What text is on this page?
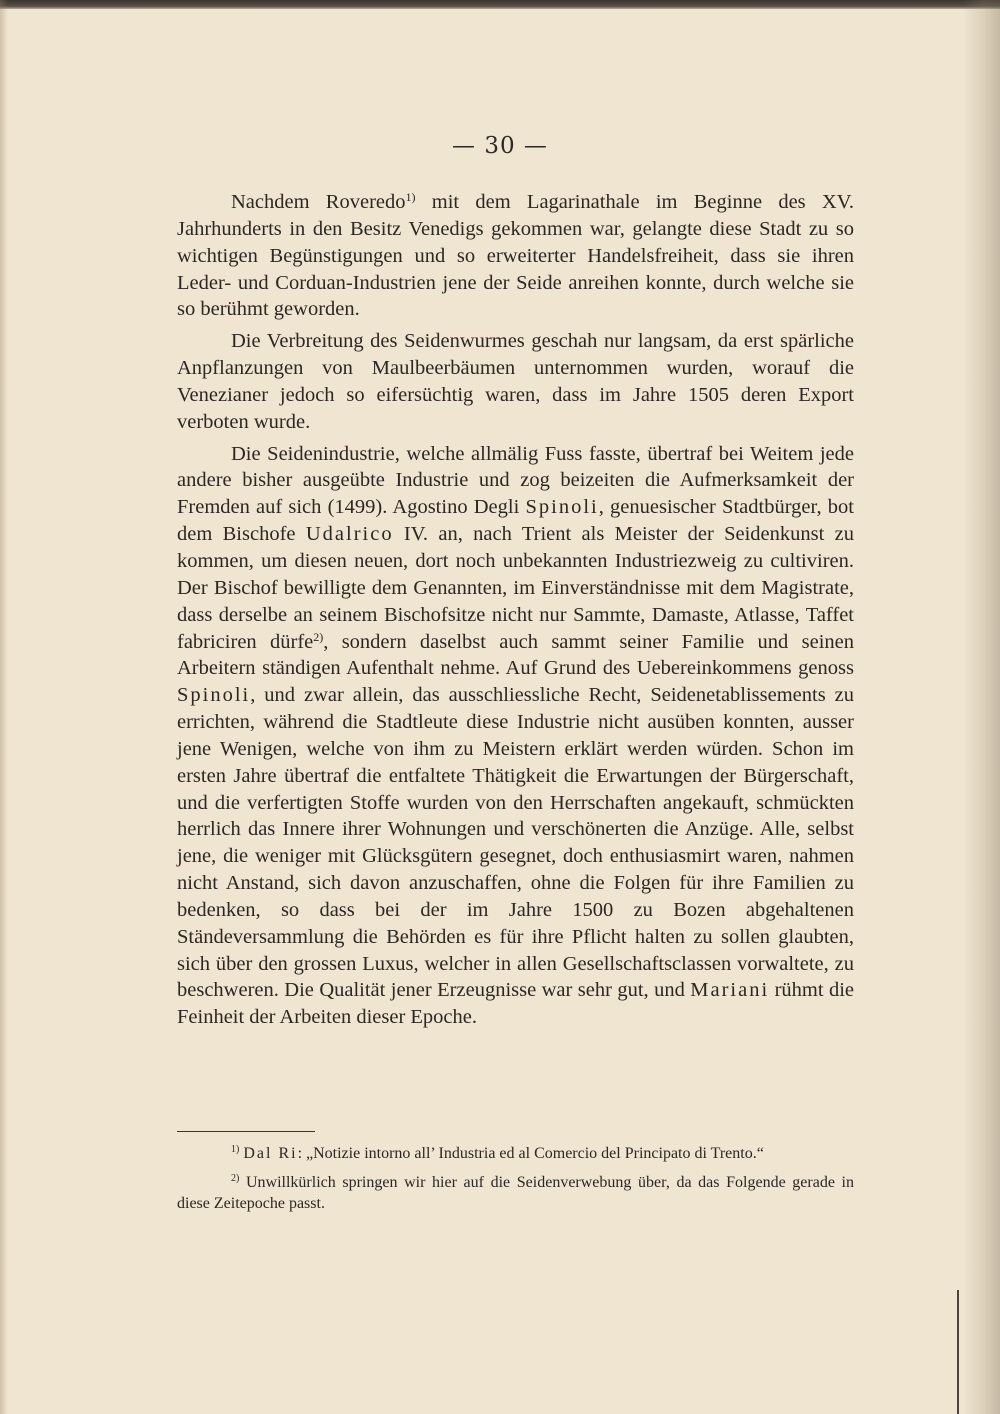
— 30 —

Nachdem Roveredo$^{1)}$ mit dem Lagarinathale im Beginne des XV. Jahrhunderts in den Besitz Venedigs gekommen war, gelangte diese Stadt zu so wichtigen Begünstigungen und so erweiterter Handelsfreiheit, dass sie ihren Leder- und Corduan-Industrien jene der Seide anreihen konnte, durch welche sie so berühmt geworden.

Die Verbreitung des Seidenwurmes geschah nur langsam, da erst spärliche Anpflanzungen von Maulbeerbäumen unternommen wurden, worauf die Venezianer jedoch so eifersüchtig waren, dass im Jahre 1505 deren Export verboten wurde.

Die Seidenindustrie, welche allmälig Fuss fasste, übertraf bei Weitem jede andere bisher ausgeübte Industrie und zog beizeiten die Aufmerksamkeit der Fremden auf sich (1499). Agostino Degli Spinoli, genuesischer Stadtbürger, bot dem Bischofe Udalrico IV. an, nach Trient als Meister der Seidenkunst zu kommen, um diesen neuen, dort noch unbekannten Industriezweig zu cultiviren. Der Bischof bewilligte dem Genannten, im Einverständnisse mit dem Magistrate, dass derselbe an seinem Bischofsitze nicht nur Sammte, Damaste, Atlasse, Taffet fabriciren dürfe$^{2)}$, sondern daselbst auch sammt seiner Familie und seinen Arbeitern ständigen Aufenthalt nehme. Auf Grund des Uebereinkommens genoss Spinoli, und zwar allein, das ausschliessliche Recht, Seidenetablissements zu errichten, während die Stadtleute diese Industrie nicht ausüben konnten, ausser jene Wenigen, welche von ihm zu Meistern erklärt werden würden. Schon im ersten Jahre übertraf die entfaltete Thätigkeit die Erwartungen der Bürgerschaft, und die verfertigten Stoffe wurden von den Herrschaften angekauft, schmückten herrlich das Innere ihrer Wohnungen und verschönerten die Anzüge. Alle, selbst jene, die weniger mit Glücksgütern gesegnet, doch enthusiasmirt waren, nahmen nicht Anstand, sich davon anzuschaffen, ohne die Folgen für ihre Familien zu bedenken, so dass bei der im Jahre 1500 zu Bozen abgehaltenen Ständeversammlung die Behörden es für ihre Pflicht halten zu sollen glaubten, sich über den grossen Luxus, welcher in allen Gesellschaftsclassen vorwaltete, zu beschweren. Die Qualität jener Erzeugnisse war sehr gut, und Mariani rühmt die Feinheit der Arbeiten dieser Epoche.

$^{1)}$ Dal Ri: „Notizie intorno all’ Industria ed al Comercio del Principato di Trento.“

$^{2)}$ Unwillkürlich springen wir hier auf die Seidenverwebung über, da das Folgende gerade in diese Zeitepoche passt.
